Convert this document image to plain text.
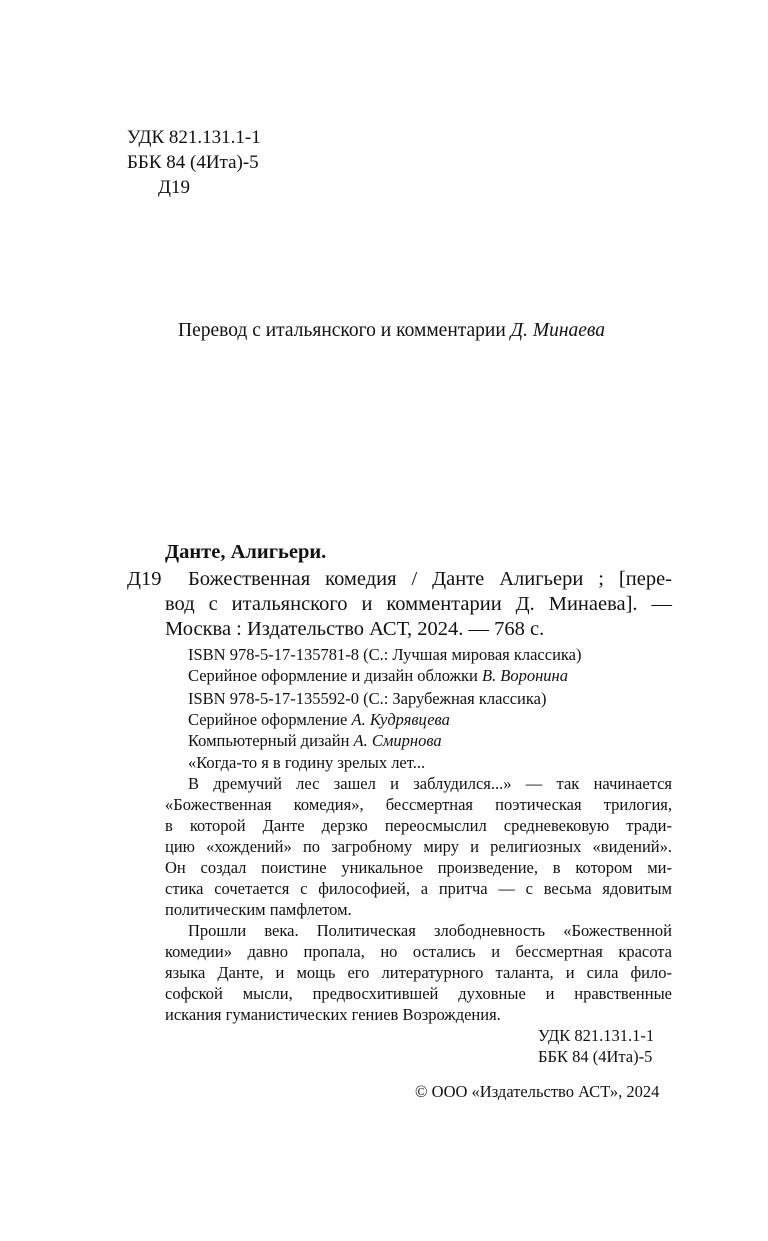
УДК 821.131.1-1
ББК 84 (4Ита)-5
Д19
Перевод с итальянского и комментарии Д. Минаева
Данте, Алигьери.
Д19 Божественная комедия / Данте Алигьери ; [пере-
вод с итальянского и комментарии Д. Минаева]. —
Москва : Издательство АСТ, 2024. — 768 с.
ISBN 978-5-17-135781-8 (С.: Лучшая мировая классика)
Серийное оформление и дизайн обложки В. Воронина
ISBN 978-5-17-135592-0 (С.: Зарубежная классика)
Серийное оформление А. Кудрявцева
Компьютерный дизайн А. Смирнова
«Когда-то я в годину зрелых лет...
В дремучий лес зашел и заблудился...» — так начинается
«Божественная комедия», бессмертная поэтическая трилогия,
в которой Данте дерзко переосмыслил средневековую тради-
цию «хождений» по загробному миру и религиозных «видений».
Он создал поистине уникальное произведение, в котором ми-
стика сочетается с философией, а притча — с весьма ядовитым
политическим памфлетом.
Прошли века. Политическая злободневность «Божественной
комедии» давно пропала, но остались и бессмертная красота
языка Данте, и мощь его литературного таланта, и сила фило-
софской мысли, предвосхитившей духовные и нравственные
искания гуманистических гениев Возрождения.
УДК 821.131.1-1
ББК 84 (4Ита)-5
© ООО «Издательство АСТ», 2024
